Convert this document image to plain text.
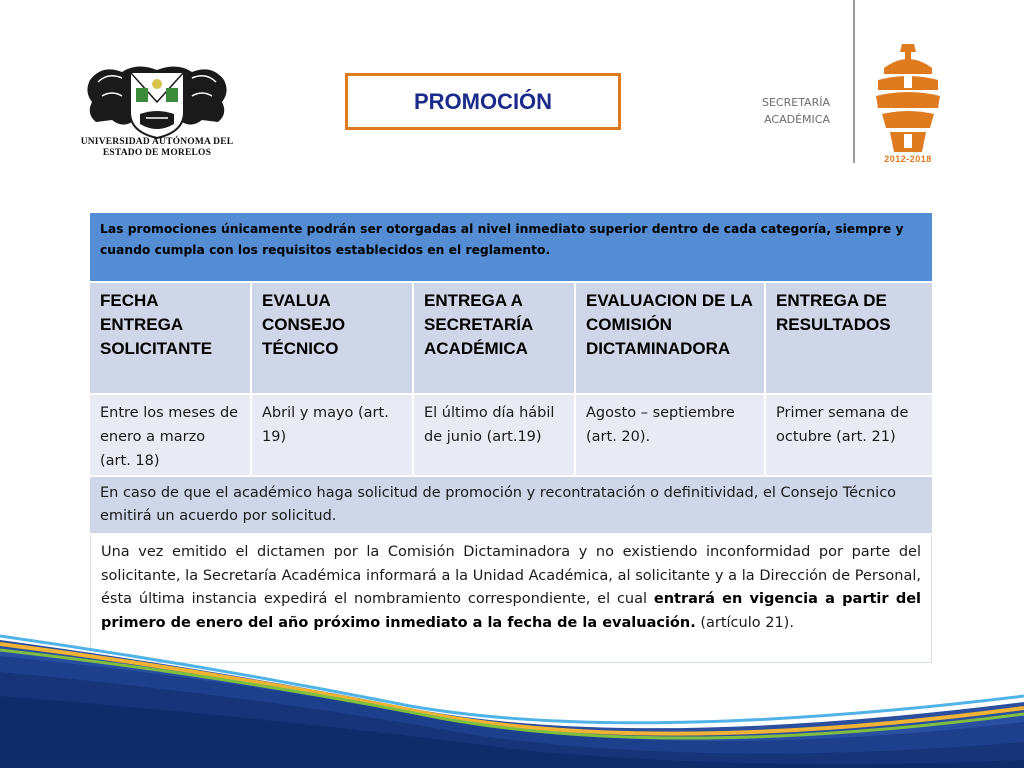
UNIVERSIDAD AUTÓNOMA DEL
ESTADO DE MORELOS
PROMOCIÓN	SECRETARÍA
ACADÉMICA
2012-2018
Las promociones únicamente podrán ser otorgadas al nivel inmediato superior dentro de cada categoría, siempre y cuando cumpla con los requisitos establecidos en el reglamento.
FECHA ENTREGA SOLICITANTE
EVALUA CONSEJO TÉCNICO
ENTREGA A SECRETARÍA ACADÉMICA
EVALUACION DE LA COMISIÓN DICTAMINADORA
ENTREGA DE RESULTADOS
Entre los meses de enero a marzo (art. 18)
Abril y mayo (art. 19)
El último día hábil de junio (art.19)
Agosto – septiembre (art. 20).
Primer semana de octubre (art. 21)
En caso de que el académico haga solicitud de promoción y recontratación o definitividad, el Consejo Técnico emitirá un acuerdo por solicitud.
Una vez emitido el dictamen por la Comisión Dictaminadora y no existiendo inconformidad por parte del solicitante, la Secretaría Académica informará a la Unidad Académica, al solicitante y a la Dirección de Personal, ésta última instancia expedirá el nombramiento correspondiente, el cual entrará en vigencia a partir del primero de enero del año próximo inmediato a la fecha de la evaluación. (artículo 21).
Por una universidad socialmente responsable
